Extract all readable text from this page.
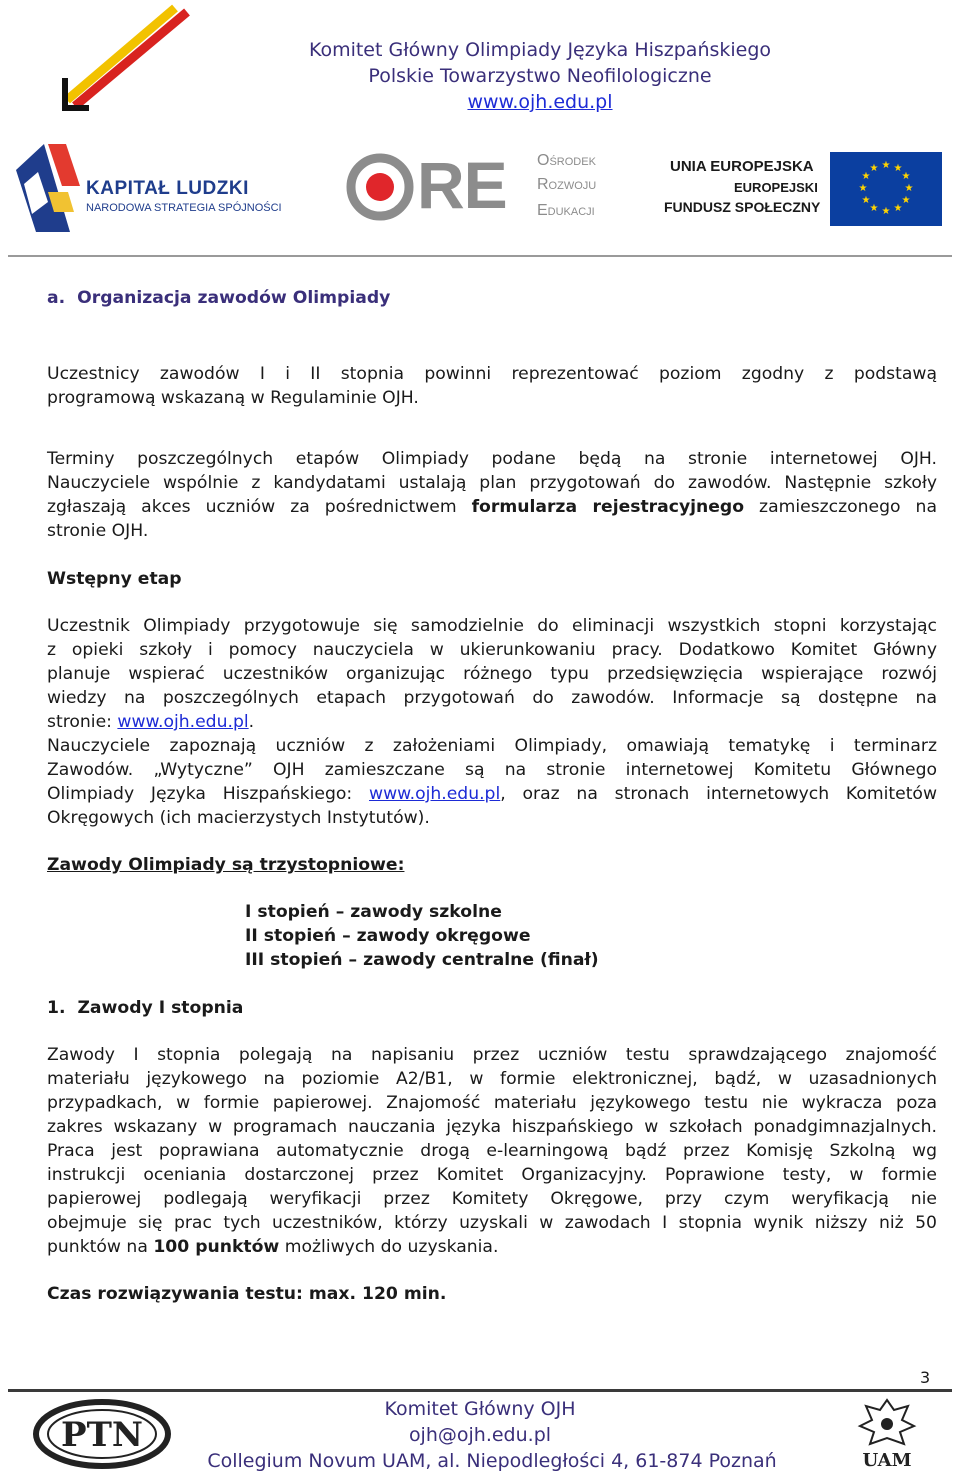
Komitet Główny Olimpiady Języka Hiszpańskiego
Polskie Towarzystwo Neofilologiczne
www.ojh.edu.pl
KAPITAŁ LUDZKI
NARODOWA STRATEGIA SPÓJNOŚCI RE Ośrodek
Rozwoju
Edukacji
UNIA EUROPEJSKA
EUROPEJSKI
FUNDUSZ SPOŁECZNY
★ ★
★
★
★
★
★
★
★
★
★
★
a. Organizacja zawodów Olimpiady
Uczestnicy zawodów I i II stopnia powinni reprezentować poziom zgodny z podstawą
programową wskazaną w Regulaminie OJH.
Terminy poszczególnych etapów Olimpiady podane będą na stronie internetowej OJH.
Nauczyciele wspólnie z kandydatami ustalają plan przygotowań do zawodów. Następnie szkoły
zgłaszają akces uczniów za pośrednictwem formularza rejestracyjnego zamieszczonego na
stronie OJH.
Wstępny etap
Uczestnik Olimpiady przygotowuje się samodzielnie do eliminacji wszystkich stopni korzystając
z opieki szkoły i pomocy nauczyciela w ukierunkowaniu pracy. Dodatkowo Komitet Główny
planuje wspierać uczestników organizując różnego typu przedsięwzięcia wspierające rozwój
wiedzy na poszczególnych etapach przygotowań do zawodów. Informacje są dostępne na
stronie: www.ojh.edu.pl.
Nauczyciele zapoznają uczniów z założeniami Olimpiady, omawiają tematykę i terminarz
Zawodów. „Wytyczne” OJH zamieszczane są na stronie internetowej Komitetu Głównego
Olimpiady Języka Hiszpańskiego: www.ojh.edu.pl, oraz na stronach internetowych Komitetów
Okręgowych (ich macierzystych Instytutów).
Zawody Olimpiady są trzystopniowe:
I stopień – zawody szkolne
II stopień – zawody okręgowe
III stopień – zawody centralne (finał)
1.  Zawody I stopnia
Zawody I stopnia polegają na napisaniu przez uczniów testu sprawdzającego znajomość
materiału językowego na poziomie A2/B1, w formie elektronicznej, bądź, w uzasadnionych
przypadkach, w formie papierowej. Znajomość materiału językowego testu nie wykracza poza
zakres wskazany w programach nauczania języka hiszpańskiego w szkołach ponadgimnazjalnych.
Praca jest poprawiana automatycznie drogą e-learningową bądź przez Komisję Szkolną wg
instrukcji oceniania dostarczonej przez Komitet Organizacyjny. Poprawione testy, w formie
papierowej podlegają weryfikacji przez Komitety Okręgowe, przy czym weryfikacją nie
obejmuje się prac tych uczestników, którzy uzyskali w zawodach I stopnia wynik niższy niż 50
punktów na 100 punktów możliwych do uzyskania.
Czas rozwiązywania testu: max. 120 min.
3
PTN
Komitet Główny OJH
ojh@ojh.edu.pl
Collegium Novum UAM, al. Niepodległości 4, 61-874 Poznań	UAM
